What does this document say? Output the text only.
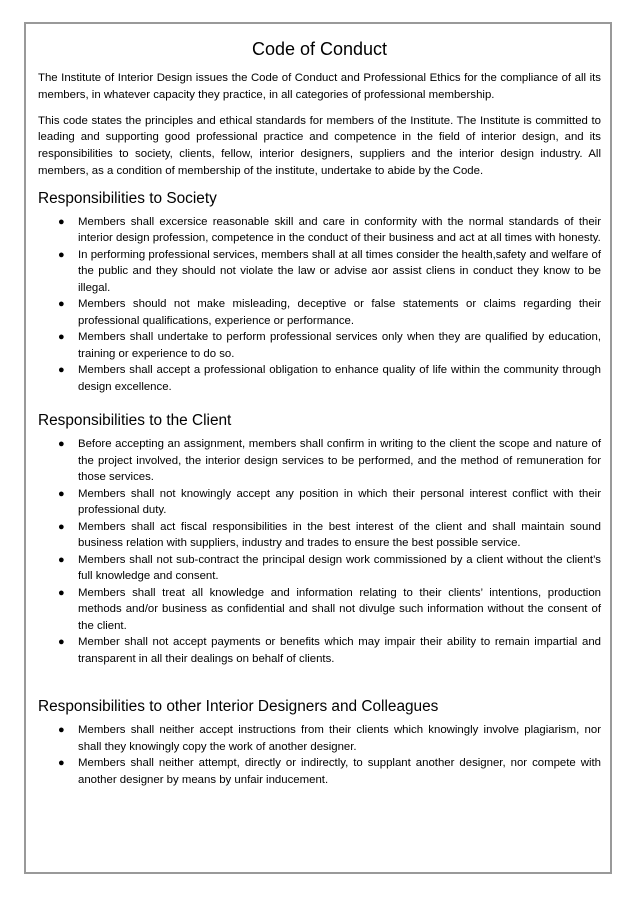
Code of Conduct

The Institute of Interior Design issues the Code of Conduct and Professional Ethics for the compliance of all its members, in whatever capacity they practice, in all categories of professional membership.

This code states the principles and ethical standards for members of the Institute. The Institute is committed to leading and supporting good professional practice and competence in the field of interior design, and its responsibilities to society, clients, fellow, interior designers, suppliers and the interior design industry. All members, as a condition of membership of the institute, undertake to abide by the Code.

Responsibilities to Society
● Members shall excersice reasonable skill and care in conformity with the normal standards of their interior design profession, competence in the conduct of their business and act at all times with honesty.
● In performing professional services, members shall at all times consider the health,safety and welfare of the public and they should not violate the law or advise aor assist cliens in conduct they know to be illegal.
● Members should not make misleading, deceptive or false statements or claims regarding their professional qualifications, experience or performance.
● Members shall undertake to perform professional services only when they are qualified by education, training or experience to do so.
● Members shall accept a professional obligation to enhance quality of life within the community through design excellence.
Responsibilities to the Client
● Before accepting an assignment, members shall confirm in writing to the client the scope and nature of the project involved, the interior design services to be performed, and the method of remuneration for those services.
● Members shall not knowingly accept any position in which their personal interest conflict with their professional duty.
● Members shall act fiscal responsibilities in the best interest of the client and shall maintain sound business relation with suppliers, industry and trades to ensure the best possible service.
● Members shall not sub-contract the principal design work commissioned by a client without the client’s full knowledge and consent.
● Members shall treat all knowledge and information relating to their clients’ intentions, production methods and/or business as confidential and shall not divulge such information without the consent of the client.
● Member shall not accept payments or benefits which may impair their ability to remain impartial and transparent in all their dealings on behalf of clients.
Responsibilities to other Interior Designers and Colleagues
● Members shall neither accept instructions from their clients which knowingly involve plagiarism, nor shall they knowingly copy the work of another designer.
● Members shall neither attempt, directly or indirectly, to supplant another designer, nor compete with another designer by means by unfair inducement.
